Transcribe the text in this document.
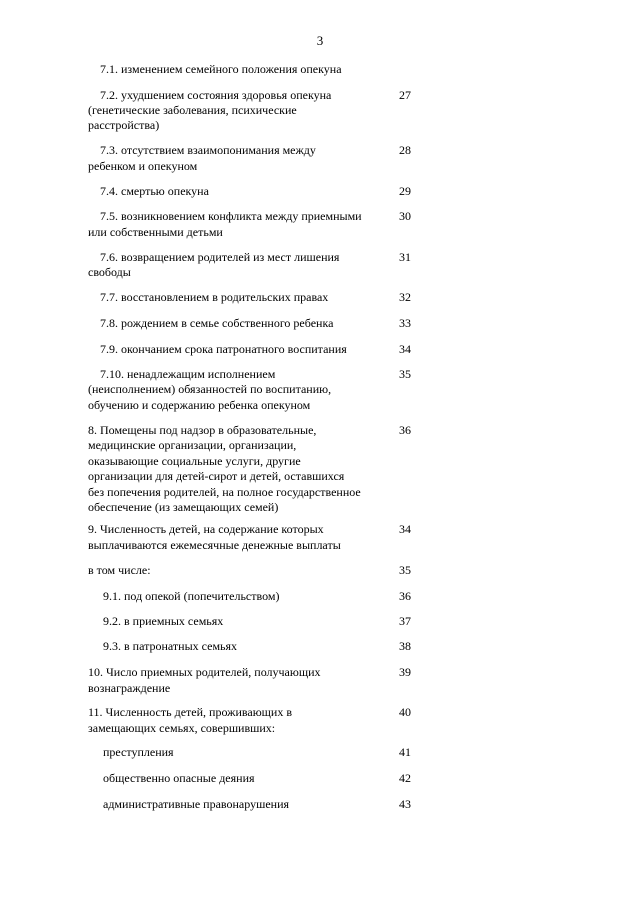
3
7.1. изменением семейного положения опекуна
7.2. ухудшением состояния здоровья опекуна	27
(генетические заболевания, психические
расстройства)
7.3. отсутствием взаимопонимания между	28
ребенком и опекуном
7.4. смертью опекуна	29
7.5. возникновением конфликта между приемными	30
или собственными детьми
7.6. возвращением родителей из мест лишения	31
свободы
7.7. восстановлением в родительских правах	32
7.8. рождением в семье собственного ребенка	33
7.9. окончанием срока патронатного воспитания	34
7.10. ненадлежащим исполнением	35
(неисполнением) обязанностей по воспитанию,
обучению и содержанию ребенка опекуном
8. Помещены под надзор в образовательные,	36
медицинские организации, организации,
оказывающие социальные услуги, другие
организации для детей-сирот и детей, оставшихся
без попечения родителей, на полное государственное
обеспечение (из замещающих семей)
9. Численность детей, на содержание которых	34
выплачиваются ежемесячные денежные выплаты
в том числе:	35
9.1. под опекой (попечительством)	36
9.2. в приемных семьях	37
9.3. в патронатных семьях	38
10. Число приемных родителей, получающих	39
вознаграждение
11. Численность детей, проживающих в	40
замещающих семьях, совершивших:
преступления	41
общественно опасные деяния	42
административные правонарушения	43
